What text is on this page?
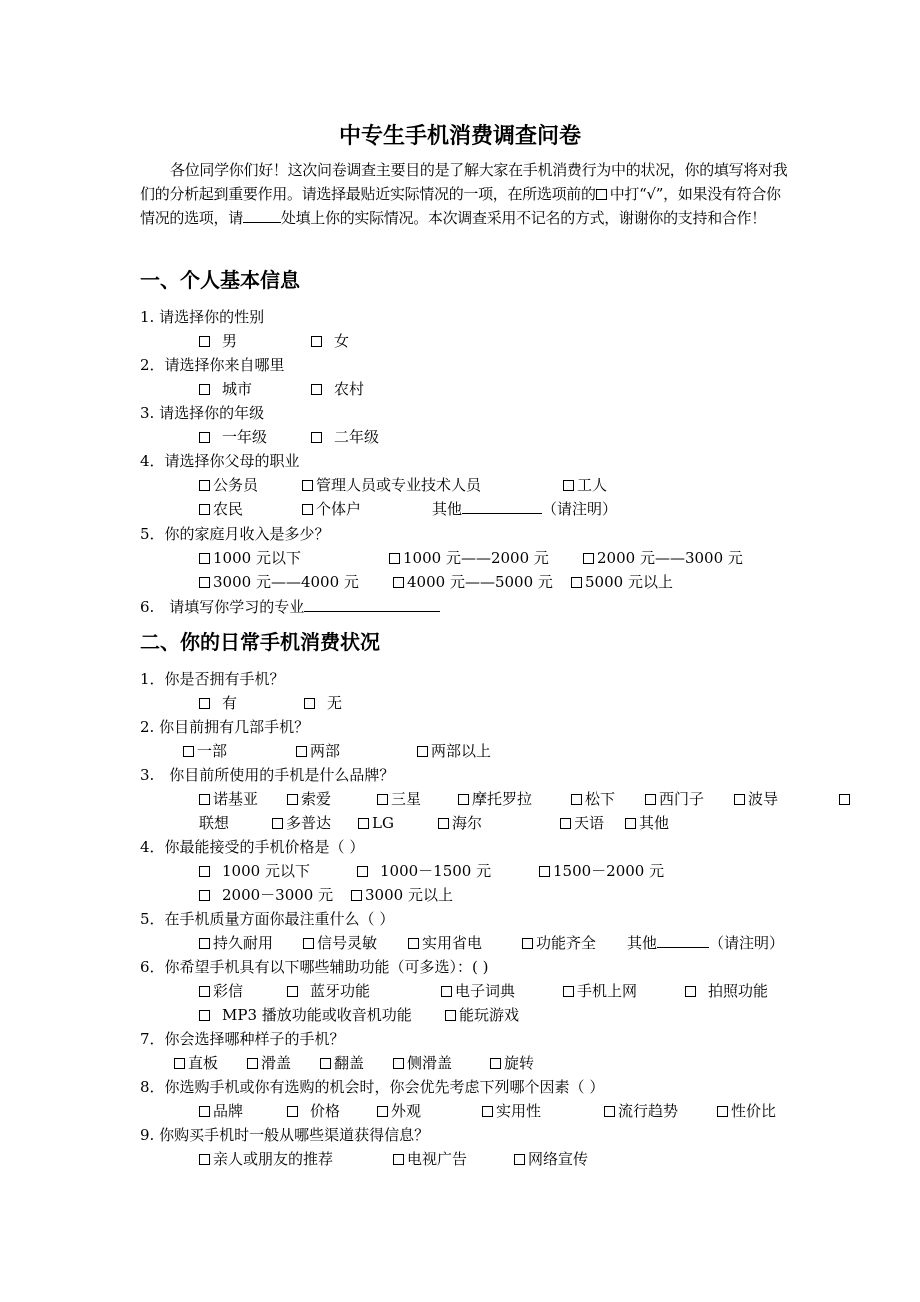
中专生手机消费调查问卷
各位同学你们好！这次问卷调查主要目的是了解大家在手机消费行为中的状况，你的填写将对我们的分析起到重要作用。请选择最贴近实际情况的一项，在所选项前的 中打“√”，如果没有符合你情况的选项，请	处填上你的实际情况。本次调查采用不记名的方式，谢谢你的支持和合作！
一、个人基本信息
1. 请选择你的性别
男	女
2．请选择你来自哪里
城市	农村
3. 请选择你的年级
一年级	二年级
4．请选择你父母的职业
公务员	管理人员或专业技术人员	工人
农民	个体户	其他	（请注明）
5．你的家庭月收入是多少？
1000 元以下	1000 元——2000 元	2000 元——3000 元
3000 元——4000 元	4000 元——5000 元	5000 元以上
6.　请填写你学习的专业
二、你的日常手机消费状况
1．你是否拥有手机？
有	无
2. 你目前拥有几部手机？
一部	两部	两部以上
3.　你目前所使用的手机是什么品牌？
诺基亚	索爱	三星	摩托罗拉	松下	西门子	波导
联想	多普达	LG	海尔	天语	其他
4．你最能接受的手机价格是（ ）
1000 元以下	1000－1500 元	1500－2000 元
2000－3000 元	3000 元以上
5．在手机质量方面你最注重什么（ ）
持久耐用	信号灵敏	实用省电	功能齐全 其他	（请注明）
6．你希望手机具有以下哪些辅助功能（可多选）：( )
彩信	蓝牙功能	电子词典	手机上网	拍照功能
MP3 播放功能或收音机功能	能玩游戏
7．你会选择哪种样子的手机？
直板	滑盖	翻盖	侧滑盖	旋转
8．你选购手机或你有选购的机会时，你会优先考虑下列哪个因素（ ）
品牌	价格	外观	实用性	流行趋势	性价比
9. 你购买手机时一般从哪些渠道获得信息？
亲人或朋友的推荐	电视广告	网络宣传
